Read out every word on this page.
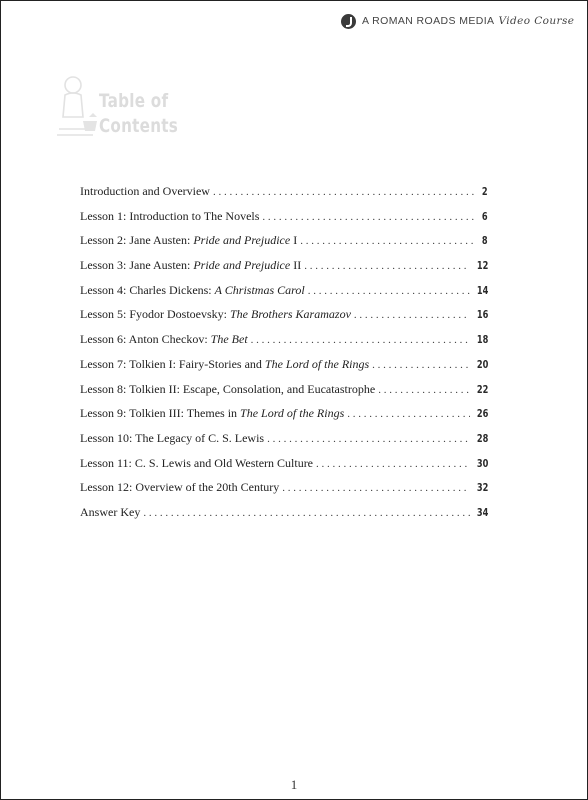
A ROMAN ROADS MEDIA Video Course
Table of
Contents
Introduction and Overview . . .	2
Lesson 1: Introduction to The Novels . . .	6
Lesson 2: Jane Austen: Pride and Prejudice I . . .	8
Lesson 3: Jane Austen: Pride and Prejudice II . . .	12
Lesson 4: Charles Dickens: A Christmas Carol . . .	14
Lesson 5: Fyodor Dostoevsky: The Brothers Karamazov . . .	16
Lesson 6: Anton Checkov: The Bet . . .	18
Lesson 7: Tolkien I: Fairy-Stories and The Lord of the Rings . . .	20
Lesson 8: Tolkien II: Escape, Consolation, and Eucatastrophe . . .	22
Lesson 9: Tolkien III: Themes in The Lord of the Rings . . .	26
Lesson 10: The Legacy of C. S. Lewis . . .	28
Lesson 11: C. S. Lewis and Old Western Culture . . .	30
Lesson 12: Overview of the 20th Century . . .	32
Answer Key . . .	34
1
